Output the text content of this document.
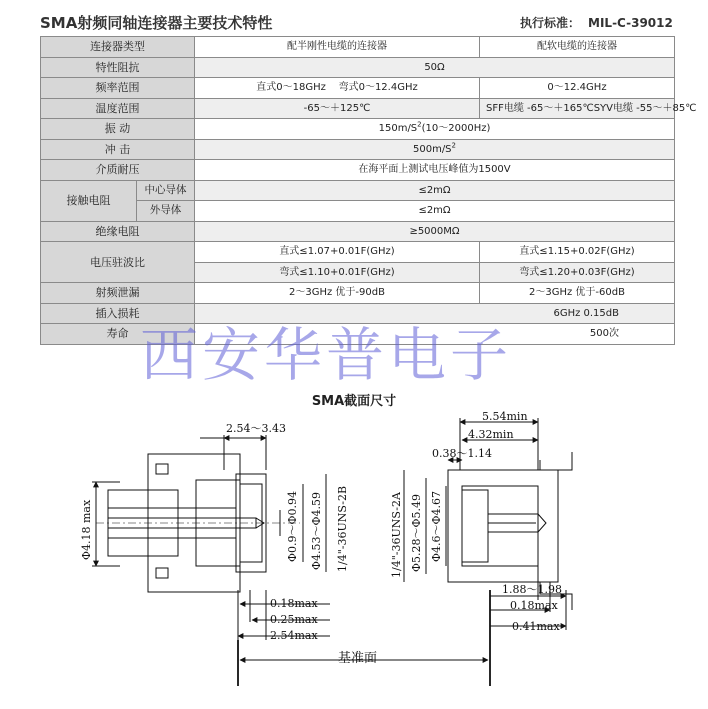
SMA射频同轴连接器主要技术特性	执行标准： MIL-C-39012
连接器类型		配半刚性电缆的连接器	配软电缆的连接器
特性阻抗		50Ω	
频率范围		直式0～18GHz 弯式0～12.4GHz	0～12.4GHz
温度范围		-65～＋125℃	SFF电缆 -65～＋165℃ SYV电缆 -55～＋85℃

振 动		$150m/S^2(10\sim 2000Hz)$	
冲 击		$500m/S^2$
介质耐压		在海平面上测试电压峰值为1500V	
接触电阻	中心导体	≤2mΩ	
	外导体	≤2mΩ	
绝缘电阻		≥5000MΩ	
电压驻波比		直式≤1.07+0.01F(GHz)	直式≤1.15+0.02F(GHz)
		弯式≤1.10+0.01F(GHz)	弯式≤1.20+0.03F(GHz)
射频泄漏		2～3GHz 优于-90dB	2～3GHz 优于-60dB
插入损耗		6GHz 0.15dB	
寿命		500次	
西安华普电子
SMA截面尺寸
2.54～3.43
Φ4.18 max	Φ0.9～Φ0.94 Φ4.53～Φ4.59 1/4"-36UNS-2B
0.18max
0.25max
2.54max
5.54min
4.32min
0.38～1.14
1/4"-36UNS-2A Φ5.28～Φ5.49 Φ4.6～Φ4.67
1.88～1.98
0.18max
0.41max
基准面
